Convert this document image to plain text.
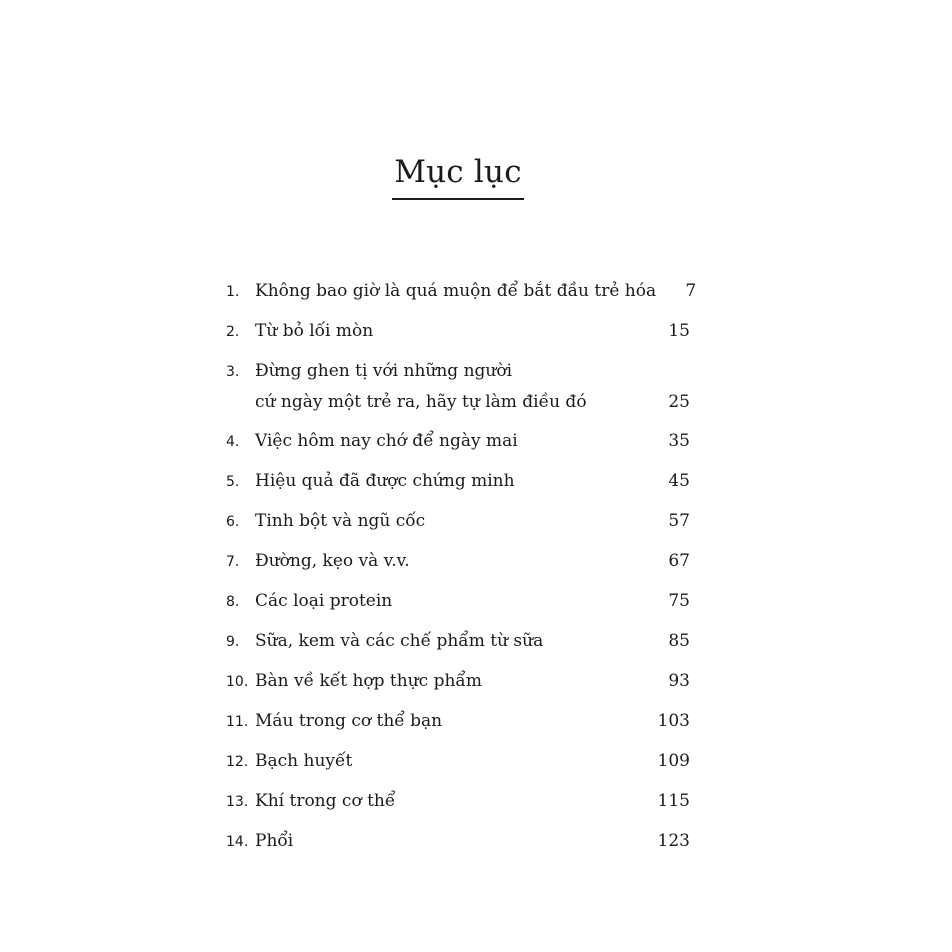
Mục lục
1. Không bao giờ là quá muộn để bắt đầu trẻ hóa	7
2. Từ bỏ lối mòn	15
3. Đừng ghen tị với những người
cứ ngày một trẻ ra, hãy tự làm điều đó	25
4. Việc hôm nay chớ để ngày mai	35
5. Hiệu quả đã được chứng minh	45
6. Tinh bột và ngũ cốc	57
7. Đường, kẹo và v.v.	67
8. Các loại protein	75
9. Sữa, kem và các chế phẩm từ sữa	85
10. Bàn về kết hợp thực phẩm	93
11. Máu trong cơ thể bạn	103
12. Bạch huyết	109
13. Khí trong cơ thể	115
14. Phổi	123
